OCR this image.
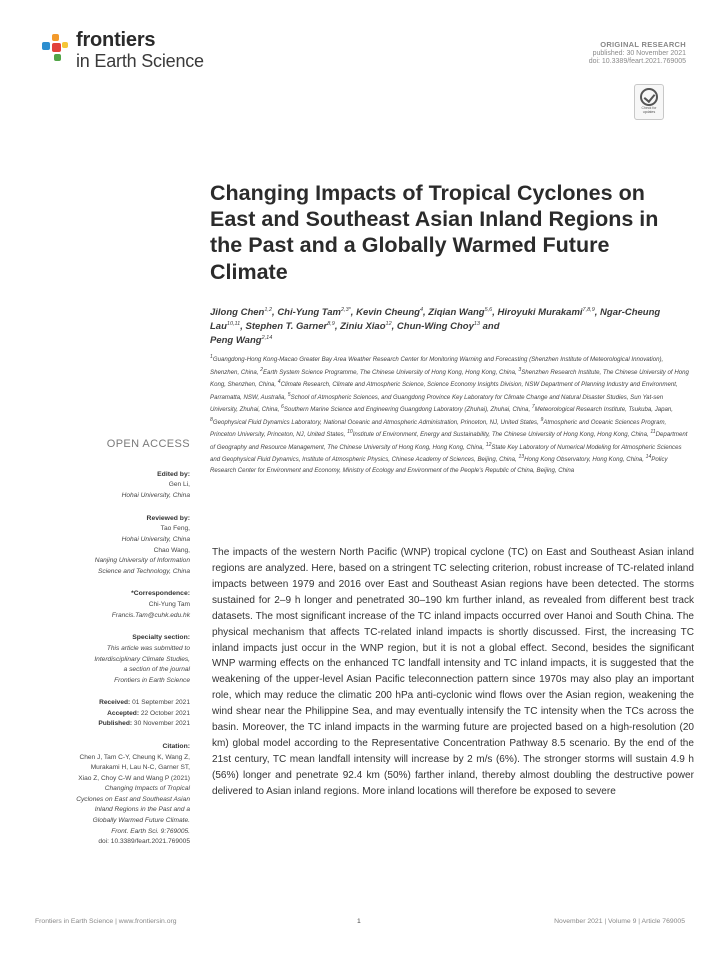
frontiers
in Earth Science
ORIGINAL RESEARCH
published: 30 November 2021
doi: 10.3389/feart.2021.769005
Check for updates
Changing Impacts of Tropical Cyclones on East and Southeast Asian Inland Regions in the Past and a Globally Warmed Future Climate
Jilong Chen$^{1,2}$, Chi-Yung Tam$^{2,3*}$, Kevin Cheung$^4$, Ziqian Wang$^{5,6}$, Hiroyuki Murakami$^{7,8,9}$, Ngar-Cheung Lau$^{10,11}$, Stephen T. Garner$^{8,9}$, Ziniu Xiao$^{12}$, Chun-Wing Choy$^{13}$ and
Peng Wang$^{2,14}$
$^1$Guangdong-Hong Kong-Macao Greater Bay Area Weather Research Center for Monitoring Warning and Forecasting (Shenzhen Institute of Meteorological Innovation), Shenzhen, China, $^2$Earth System Science Programme, The Chinese University of Hong Kong, Hong Kong, China, $^3$Shenzhen Research Institute, The Chinese University of Hong Kong, Shenzhen, China, $^4$Climate Research, Climate and Atmospheric Science, Science Economy Insights Division, NSW Department of Planning Industry and Environment, Parramatta, NSW, Australia, $^5$School of Atmospheric Sciences, and Guangdong Province Key Laboratory for Climate Change and Natural Disaster Studies, Sun Yat-sen University, Zhuhai, China, $^6$Southern Marine Science and Engineering Guangdong Laboratory (Zhuhai), Zhuhai, China, $^7$Meteorological Research Institute, Tsukuba, Japan, $^8$Geophysical Fluid Dynamics Laboratory, National Oceanic and Atmospheric Administration, Princeton, NJ, United States, $^9$Atmospheric and Oceanic Sciences Program, Princeton University, Princeton, NJ, United States, $^{10}$Institute of Environment, Energy and Sustainability, The Chinese University of Hong Kong, Hong Kong, China, $^{11}$Department of Geography and Resource Management, The Chinese University of Hong Kong, Hong Kong, China, $^{12}$State Key Laboratory of Numerical Modeling for Atmospheric Sciences and Geophysical Fluid Dynamics, Institute of Atmospheric Physics, Chinese Academy of Sciences, Beijing, China, $^{13}$Hong Kong Observatory, Hong Kong, China, $^{14}$Policy Research Center for Environment and Economy, Ministry of Ecology and Environment of the People's Republic of China, Beijing, China
OPEN ACCESS
Edited by:
Gen Li,
Hohai University, China
Reviewed by:
Tao Feng,
Hohai University, China
Chao Wang,
Nanjing University of Information
Science and Technology, China
*Correspondence:
Chi-Yung Tam
Francis.Tam@cuhk.edu.hk
Specialty section:
This article was submitted to
Interdisciplinary Climate Studies,
a section of the journal
Frontiers in Earth Science
Received: 01 September 2021
Accepted: 22 October 2021
Published: 30 November 2021
Citation:
Chen J, Tam C-Y, Cheung K, Wang Z,
Murakami H, Lau N-C, Garner ST,
Xiao Z, Choy C-W and Wang P (2021)
Changing Impacts of Tropical
Cyclones on East and Southeast Asian
Inland Regions in the Past and a
Globally Warmed Future Climate.
Front. Earth Sci. 9:769005.
doi: 10.3389/feart.2021.769005

The impacts of the western North Pacific (WNP) tropical cyclone (TC) on East and Southeast Asian inland regions are analyzed. Here, based on a stringent TC selecting criterion, robust increase of TC-related inland impacts between 1979 and 2016 over East and Southeast Asian regions have been detected. The storms sustained for 2–9 h longer and penetrated 30–190 km further inland, as revealed from different best track datasets. The most significant increase of the TC inland impacts occurred over Hanoi and South China. The physical mechanism that affects TC-related inland impacts is shortly discussed. First, the increasing TC inland impacts just occur in the WNP region, but it is not a global effect. Second, besides the significant WNP warming effects on the enhanced TC landfall intensity and TC inland impacts, it is suggested that the weakening of the upper-level Asian Pacific teleconnection pattern since 1970s may also play an important role, which may reduce the climatic 200 hPa anti-cyclonic wind flows over the Asian region, weakening the wind shear near the Philippine Sea, and may eventually intensify the TC intensity when the TCs across the basin. Moreover, the TC inland impacts in the warming future are projected based on a high-resolution (20 km) global model according to the Representative Concentration Pathway 8.5 scenario. By the end of the 21st century, TC mean landfall intensity will increase by 2 m/s (6%). The stronger storms will sustain 4.9 h (56%) longer and penetrate 92.4 km (50%) farther inland, thereby almost doubling the destructive power delivered to Asian inland regions. More inland locations will therefore be exposed to severe

Frontiers in Earth Science | www.frontiersin.org	1	November 2021 | Volume 9 | Article 769005
